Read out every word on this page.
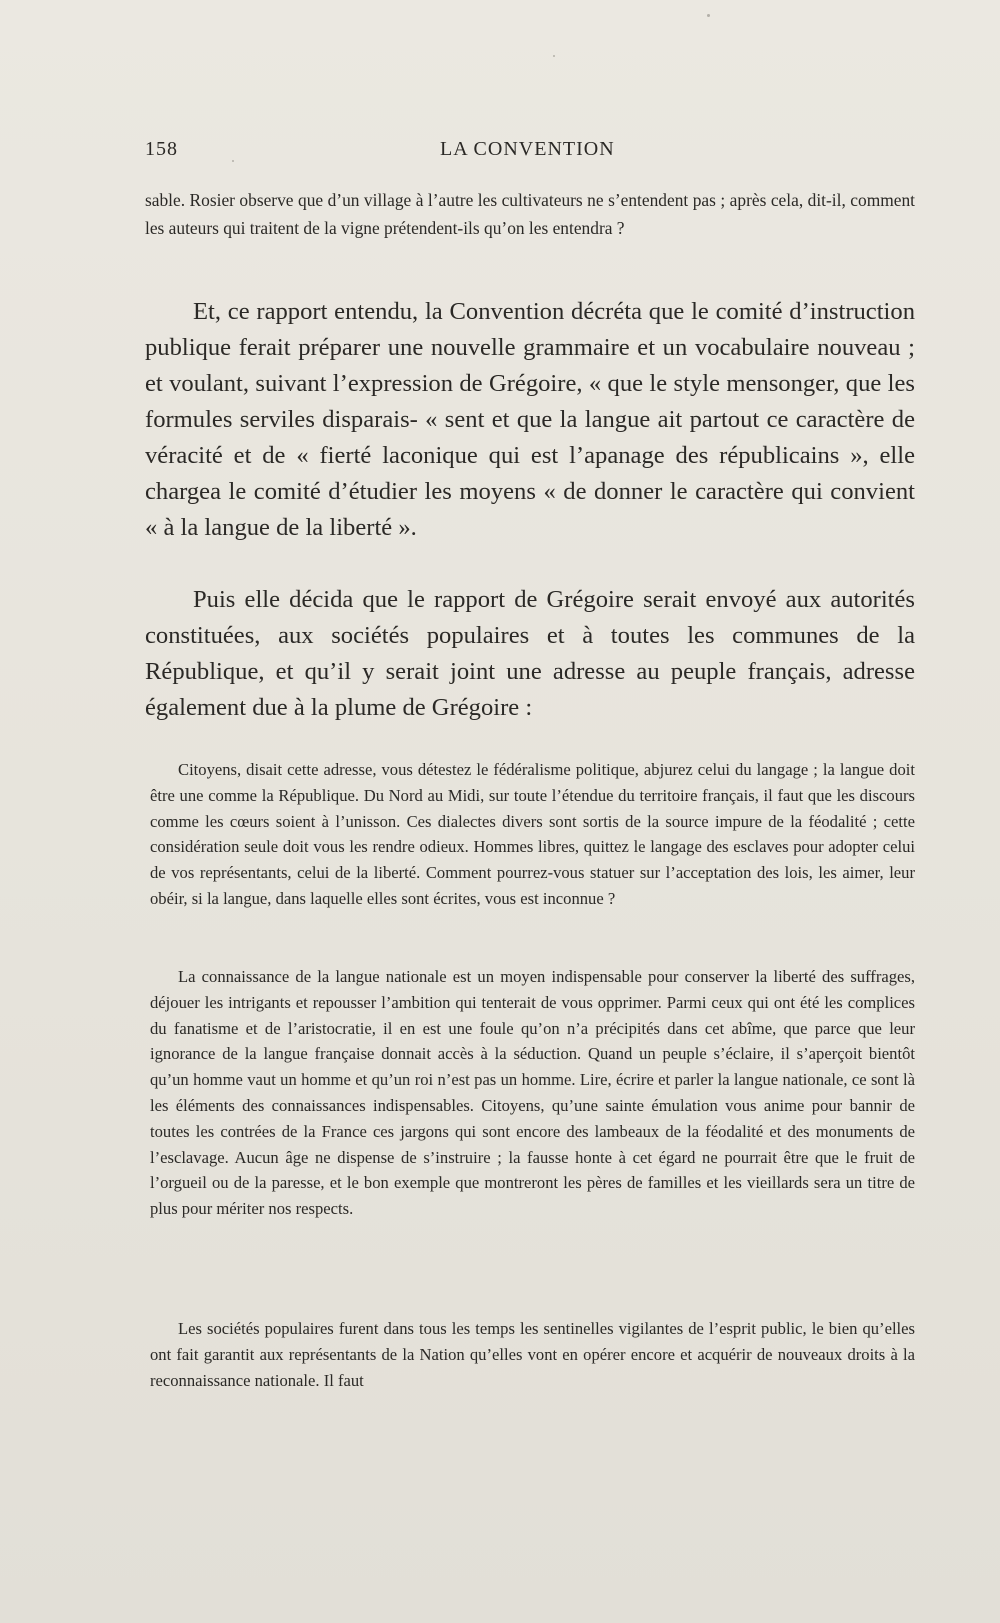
158	LA CONVENTION

sable. Rosier observe que d’un village à l’autre les cultivateurs ne s’entendent pas ; après cela, dit-il, comment les auteurs qui traitent de la vigne prétendent-ils qu’on les entendra ?

Et, ce rapport entendu, la Convention décréta que le comité d’instruction publique ferait préparer une nouvelle grammaire et un vocabulaire nouveau ; et voulant, suivant l’expression de Grégoire, « que le style mensonger, que les formules serviles disparais- « sent et que la langue ait partout ce caractère de véracité et de « fierté laconique qui est l’apanage des républicains », elle chargea le comité d’étudier les moyens « de donner le caractère qui convient « à la langue de la liberté ».

Puis elle décida que le rapport de Grégoire serait envoyé aux autorités constituées, aux sociétés populaires et à toutes les communes de la République, et qu’il y serait joint une adresse au peuple français, adresse également due à la plume de Grégoire :

Citoyens, disait cette adresse, vous détestez le fédéralisme politique, abjurez celui du langage ; la langue doit être une comme la République. Du Nord au Midi, sur toute l’étendue du territoire français, il faut que les discours comme les cœurs soient à l’unisson. Ces dialectes divers sont sortis de la source impure de la féodalité ; cette considération seule doit vous les rendre odieux. Hommes libres, quittez le langage des esclaves pour adopter celui de vos représentants, celui de la liberté. Comment pourrez-vous statuer sur l’acceptation des lois, les aimer, leur obéir, si la langue, dans laquelle elles sont écrites, vous est inconnue ?

La connaissance de la langue nationale est un moyen indispensable pour conserver la liberté des suffrages, déjouer les intrigants et repousser l’ambition qui tenterait de vous opprimer. Parmi ceux qui ont été les complices du fanatisme et de l’aristocratie, il en est une foule qu’on n’a précipités dans cet abîme, que parce que leur ignorance de la langue française donnait accès à la séduction. Quand un peuple s’éclaire, il s’aperçoit bientôt qu’un homme vaut un homme et qu’un roi n’est pas un homme. Lire, écrire et parler la langue nationale, ce sont là les éléments des connaissances indispensables. Citoyens, qu’une sainte émulation vous anime pour bannir de toutes les contrées de la France ces jargons qui sont encore des lambeaux de la féodalité et des monuments de l’esclavage. Aucun âge ne dispense de s’instruire ; la fausse honte à cet égard ne pourrait être que le fruit de l’orgueil ou de la paresse, et le bon exemple que montreront les pères de familles et les vieillards sera un titre de plus pour mériter nos respects.

Les sociétés populaires furent dans tous les temps les sentinelles vigilantes de l’esprit public, le bien qu’elles ont fait garantit aux représentants de la Nation qu’elles vont en opérer encore et acquérir de nouveaux droits à la reconnaissance nationale. Il faut
